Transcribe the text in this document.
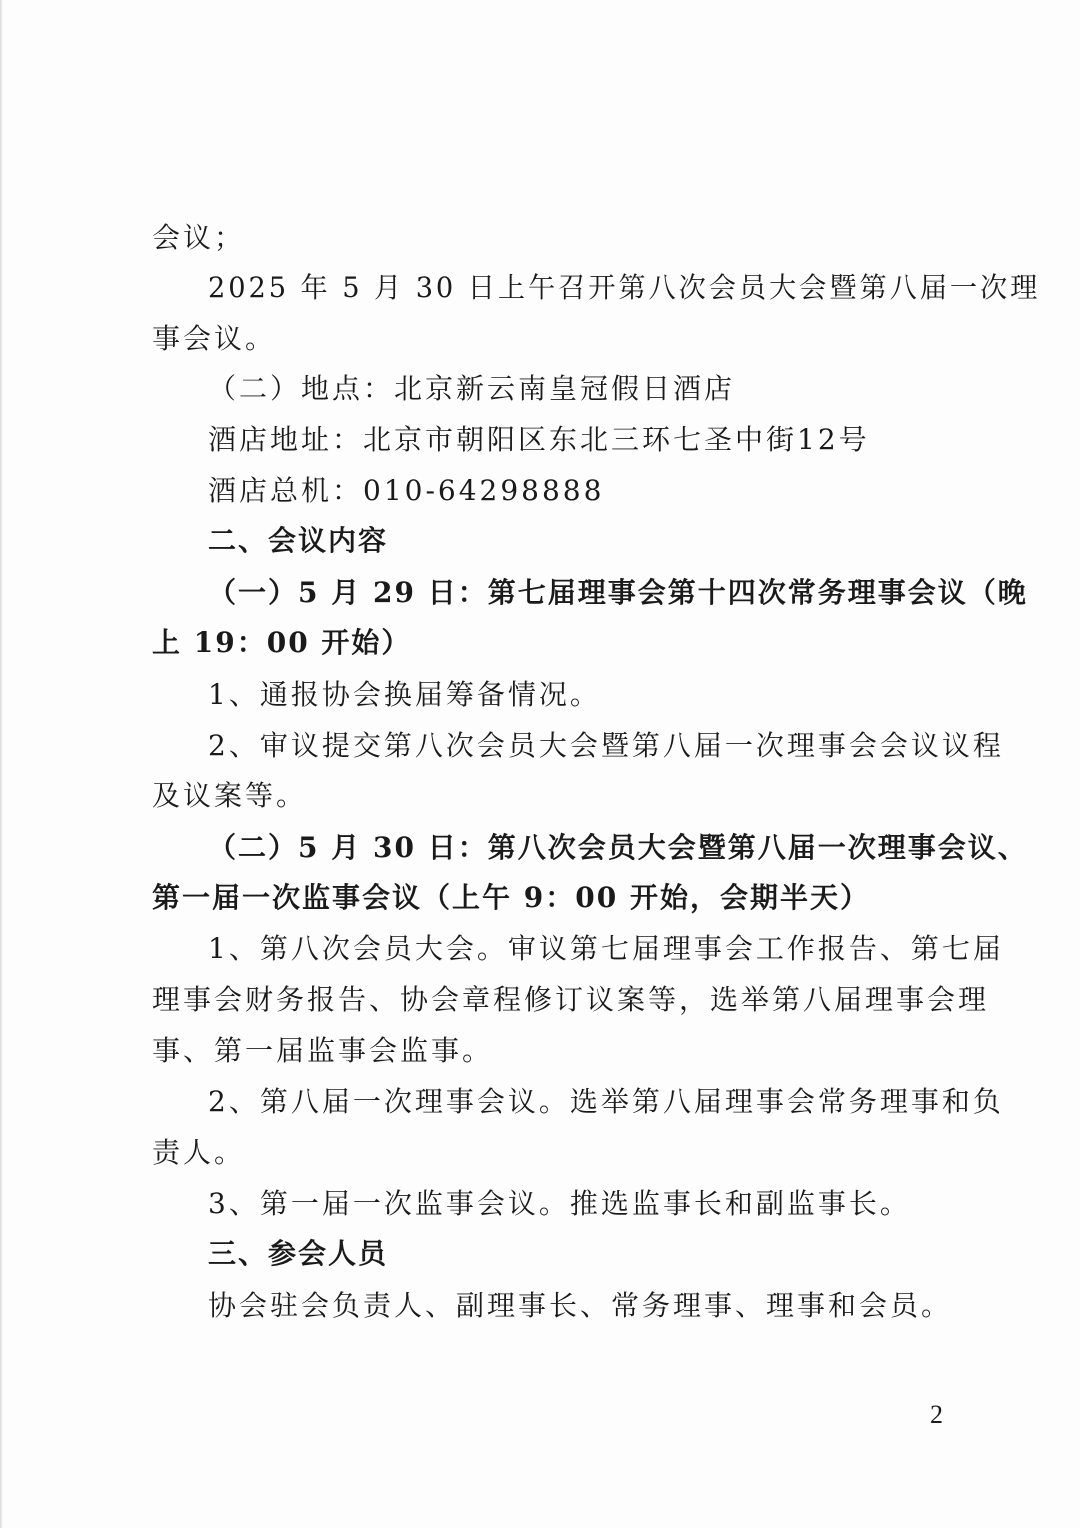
会议；
2025 年 5 月 30 日上午召开第八次会员大会暨第八届一次理
事会议。
（二）地点：北京新云南皇冠假日酒店
酒店地址：北京市朝阳区东北三环七圣中街12号
酒店总机：010-64298888
二、会议内容
（一）5 月 29 日：第七届理事会第十四次常务理事会议（晚
上 19：00 开始）
1、通报协会换届筹备情况。
2、审议提交第八次会员大会暨第八届一次理事会会议议程
及议案等。
（二）5 月 30 日：第八次会员大会暨第八届一次理事会议、
第一届一次监事会议（上午 9：00 开始，会期半天）
1、第八次会员大会。审议第七届理事会工作报告、第七届
理事会财务报告、协会章程修订议案等，选举第八届理事会理
事、第一届监事会监事。
2、第八届一次理事会议。选举第八届理事会常务理事和负
责人。
3、第一届一次监事会议。推选监事长和副监事长。
三、参会人员
协会驻会负责人、副理事长、常务理事、理事和会员。
2
